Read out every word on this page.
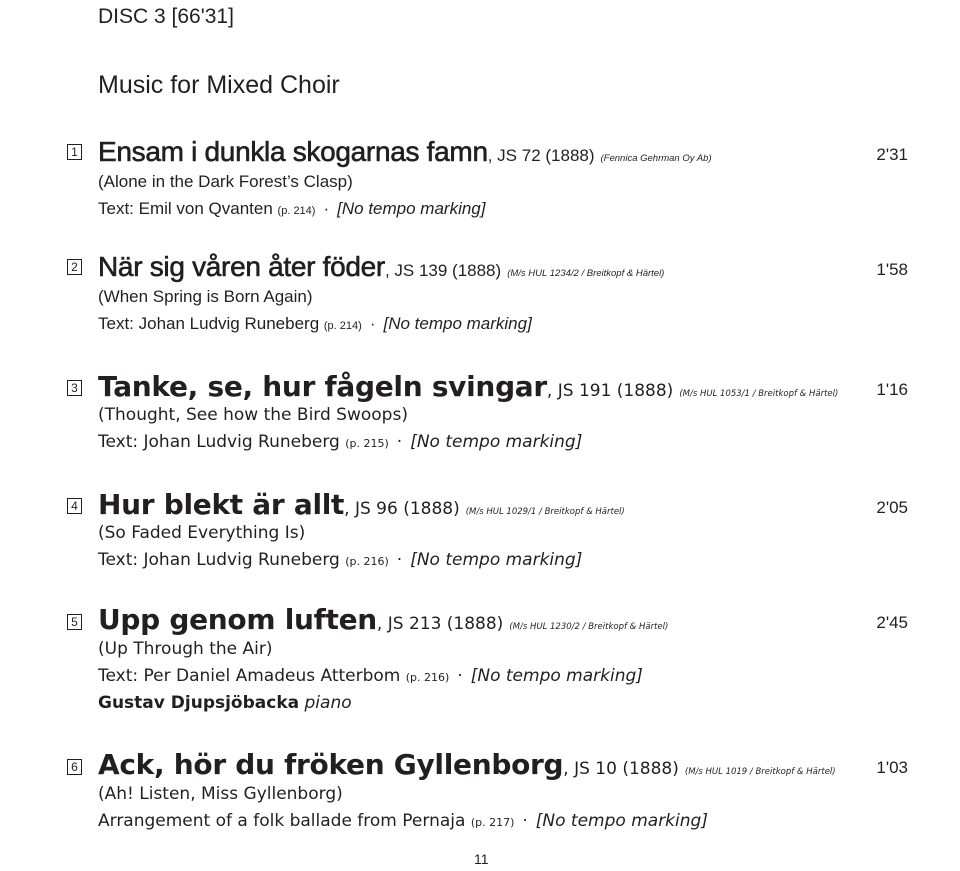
DISC 3 [66'31]
Music for Mixed Choir
1 Ensam i dunkla skogarnas famn, JS 72 (1888) (Fennica Gehrman Oy Ab)	2'31
(Alone in the Dark Forest’s Clasp)
Text: Emil von Qvanten (p. 214) · [No tempo marking]
2 När sig våren åter föder, JS 139 (1888) (M/s HUL 1234/2 / Breitkopf & Härtel)	1'58
(When Spring is Born Again)
Text: Johan Ludvig Runeberg (p. 214) · [No tempo marking]
3 Tanke, se, hur fågeln svingar, JS 191 (1888) (M/s HUL 1053/1 / Breitkopf & Härtel) 1'16
(Thought, See how the Bird Swoops)
Text: Johan Ludvig Runeberg (p. 215) · [No tempo marking]
4 Hur blekt är allt, JS 96 (1888) (M/s HUL 1029/1 / Breitkopf & Härtel)	2'05
(So Faded Everything Is)
Text: Johan Ludvig Runeberg (p. 216) · [No tempo marking]
5 Upp genom luften, JS 213 (1888) (M/s HUL 1230/2 / Breitkopf & Härtel)	2'45
(Up Through the Air)
Text: Per Daniel Amadeus Atterbom (p. 216) · [No tempo marking]
Gustav Djupsjöbacka piano
6 Ack, hör du fröken Gyllenborg, JS 10 (1888) (M/s HUL 1019 / Breitkopf & Härtel) 1'03
(Ah! Listen, Miss Gyllenborg)
Arrangement of a folk ballade from Pernaja (p. 217) · [No tempo marking]
11
